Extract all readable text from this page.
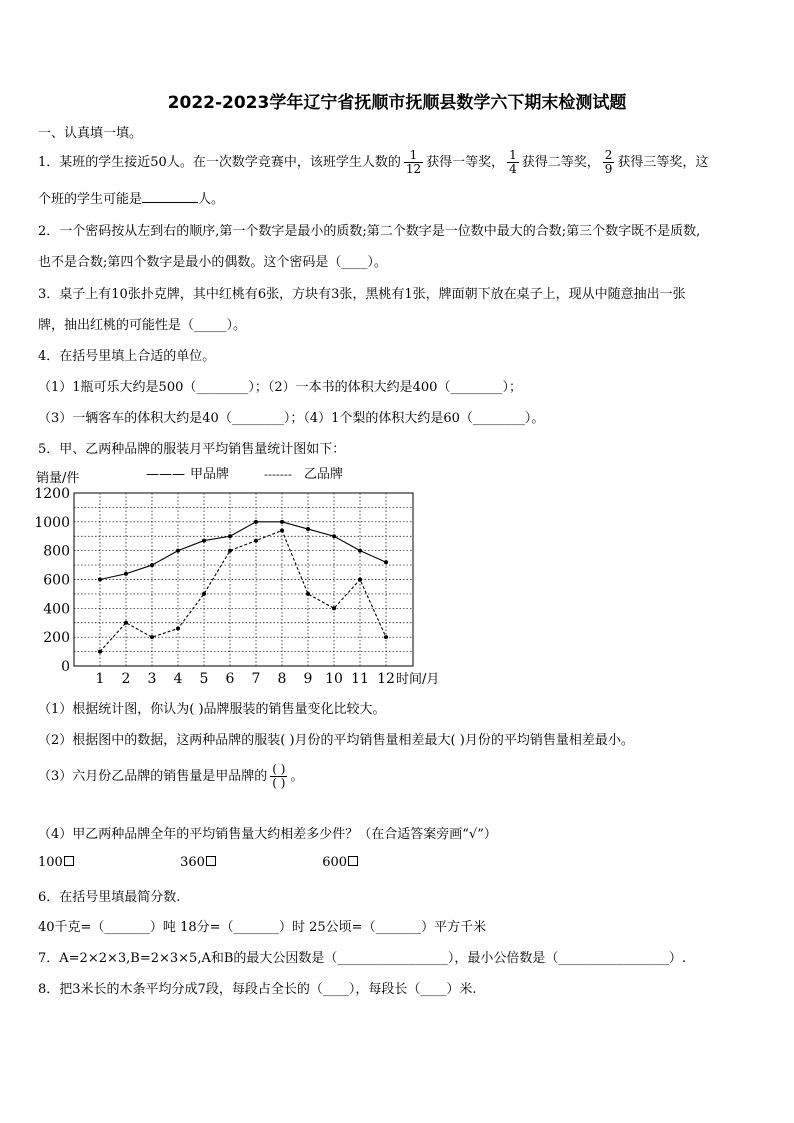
2022-2023学年辽宁省抚顺市抚顺县数学六下期末检测试题
一、认真填一填。
1．某班的学生接近50人。在一次数学竞赛中，该班学生人数的 $\frac{1}{12}$ 获得一等奖， $\frac{1}{4}$ 获得二等奖， $\frac{2}{9}$ 获得三等奖，这
个班的学生可能是	人。
2．一个密码按从左到右的顺序,第一个数字是最小的质数;第二个数字是一位数中最大的合数;第三个数字既不是质数,
也不是合数;第四个数字是最小的偶数。这个密码是（____）。
3．桌子上有10张扑克牌，其中红桃有6张，方块有3张，黑桃有1张，牌面朝下放在桌子上，现从中随意抽出一张
牌，抽出红桃的可能性是（_____）。
4．在括号里填上合适的单位。
（1）1瓶可乐大约是500（________）；（2）一本书的体积大约是400（________）；
（3）一辆客车的体积大约是40（________）；（4）1个梨的体积大约是60（________）。
5．甲、乙两种品牌的服装月平均销售量统计图如下：
0
200
400
600
800
1000
1200
1 2 3 4 5 6 7 8 9 10 11 12 时间/月
销量/件	——— 甲品牌	------- 乙品牌
（1）根据统计图，你认为( )品牌服装的销售量变化比较大。
（2）根据图中的数据，这两种品牌的服装( )月份的平均销售量相差最大( )月份的平均销售量相差最小。
（3）六月份乙品牌的销售量是甲品牌的 $\frac{( )}{( )}$ 。
（4）甲乙两种品牌全年的平均销售量大约相差多少件？（在合适答案旁画“√”）
100	360	600
6．在括号里填最简分数.
40千克=（_______）吨 18分=（_______）时 25公顷=（_______）平方千米
7．A=2×2×3,B=2×3×5,A和B的最大公因数是（_________________），最小公倍数是（_________________）.
8．把3米长的木条平均分成7段，每段占全长的（____），每段长（____）米.
